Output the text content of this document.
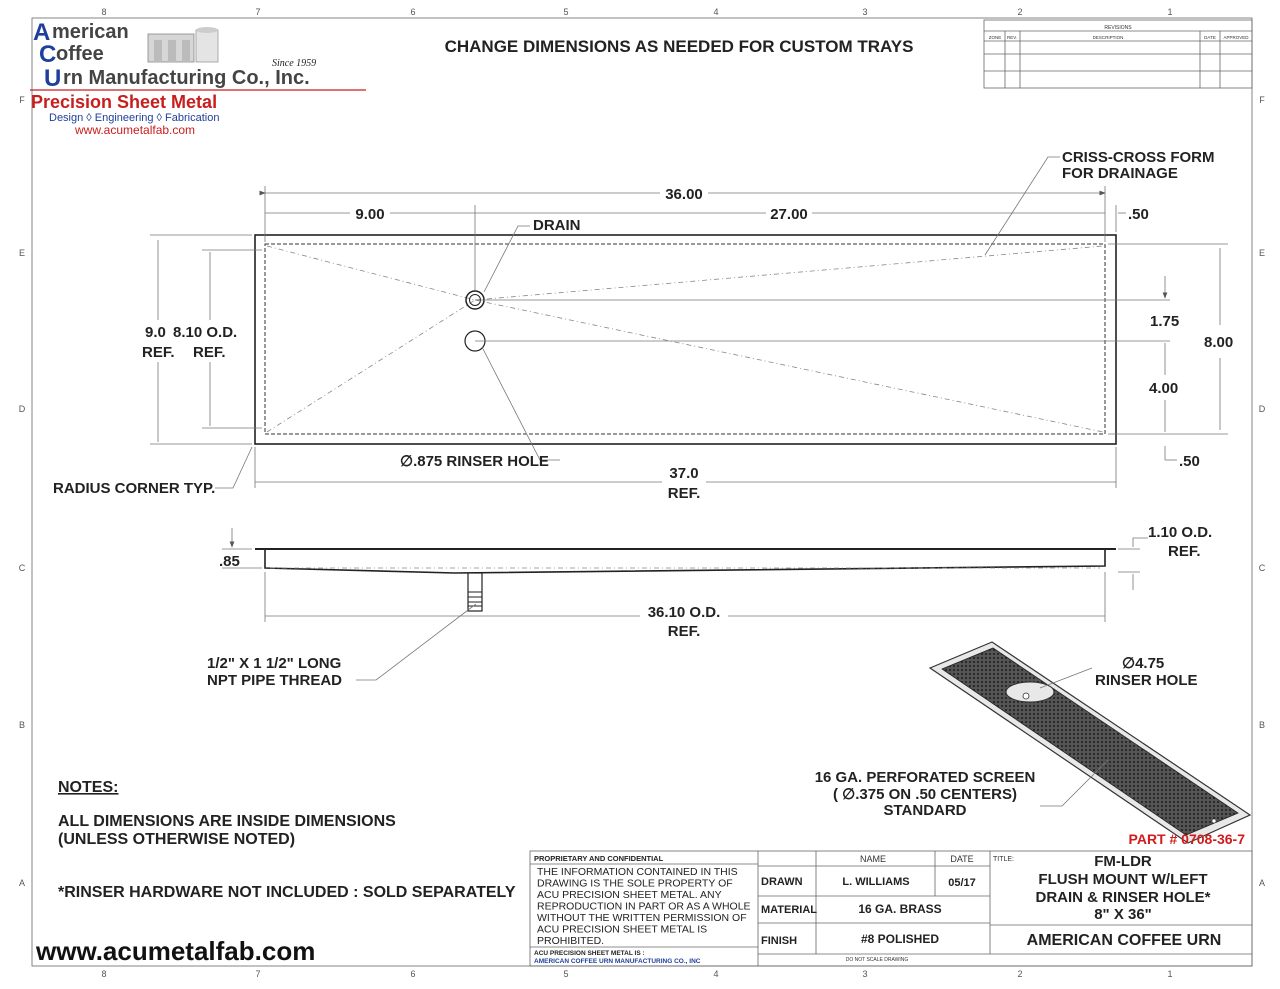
8	7	6	5	4	3	2	1
8	7	6	5	4	3	2	1
F
E
D
C
B
A
F
E
D
C
B
A
A merican
C offee	Since 1959
U rn Manufacturing Co., Inc.
Precision Sheet Metal
Design ◊ Engineering ◊ Fabrication
www.acumetalfab.com
CHANGE DIMENSIONS AS NEEDED FOR CUSTOM TRAYS
REVISIONS
ZONE REV.	DESCRIPTION	DATE APPROVED
36.00
9.00	27.00	.50
DRAIN
CRISS-CROSS FORM
FOR DRAINAGE
9.0
REF.
8.10 O.D.
REF.
8.00
1.75
4.00
.50
∅.875 RINSER HOLE
RADIUS CORNER TYP.
37.0
REF.
.85
1.10 O.D.
REF.
36.10 O.D.
REF.
1/2" X 1 1/2" LONG
NPT PIPE THREAD
∅4.75
RINSER HOLE
16 GA. PERFORATED SCREEN
( ∅.375 ON .50 CENTERS)
STANDARD
NOTES:
ALL DIMENSIONS ARE INSIDE DIMENSIONS
(UNLESS OTHERWISE NOTED)
*RINSER HARDWARE NOT INCLUDED : SOLD SEPARATELY
www.acumetalfab.com
PART # 0708-36-7
PROPRIETARY AND CONFIDENTIAL
THE INFORMATION CONTAINED IN THIS
DRAWING IS THE SOLE PROPERTY OF
ACU PRECISION SHEET METAL. ANY
REPRODUCTION IN PART OR AS A WHOLE
WITHOUT THE WRITTEN PERMISSION OF
ACU PRECISION SHEET METAL IS
PROHIBITED.
ACU PRECISION SHEET METAL IS :
AMERICAN COFFEE URN MANUFACTURING CO., INC
NAME	DATE	TITLE:
DRAWN	L. WILLIAMS	05/17
MATERIAL	16 GA. BRASS
FINISH	#8 POLISHED
DO NOT SCALE DRAWING
FM-LDR
FLUSH MOUNT W/LEFT
DRAIN & RINSER HOLE*
8" X 36"
AMERICAN COFFEE URN
